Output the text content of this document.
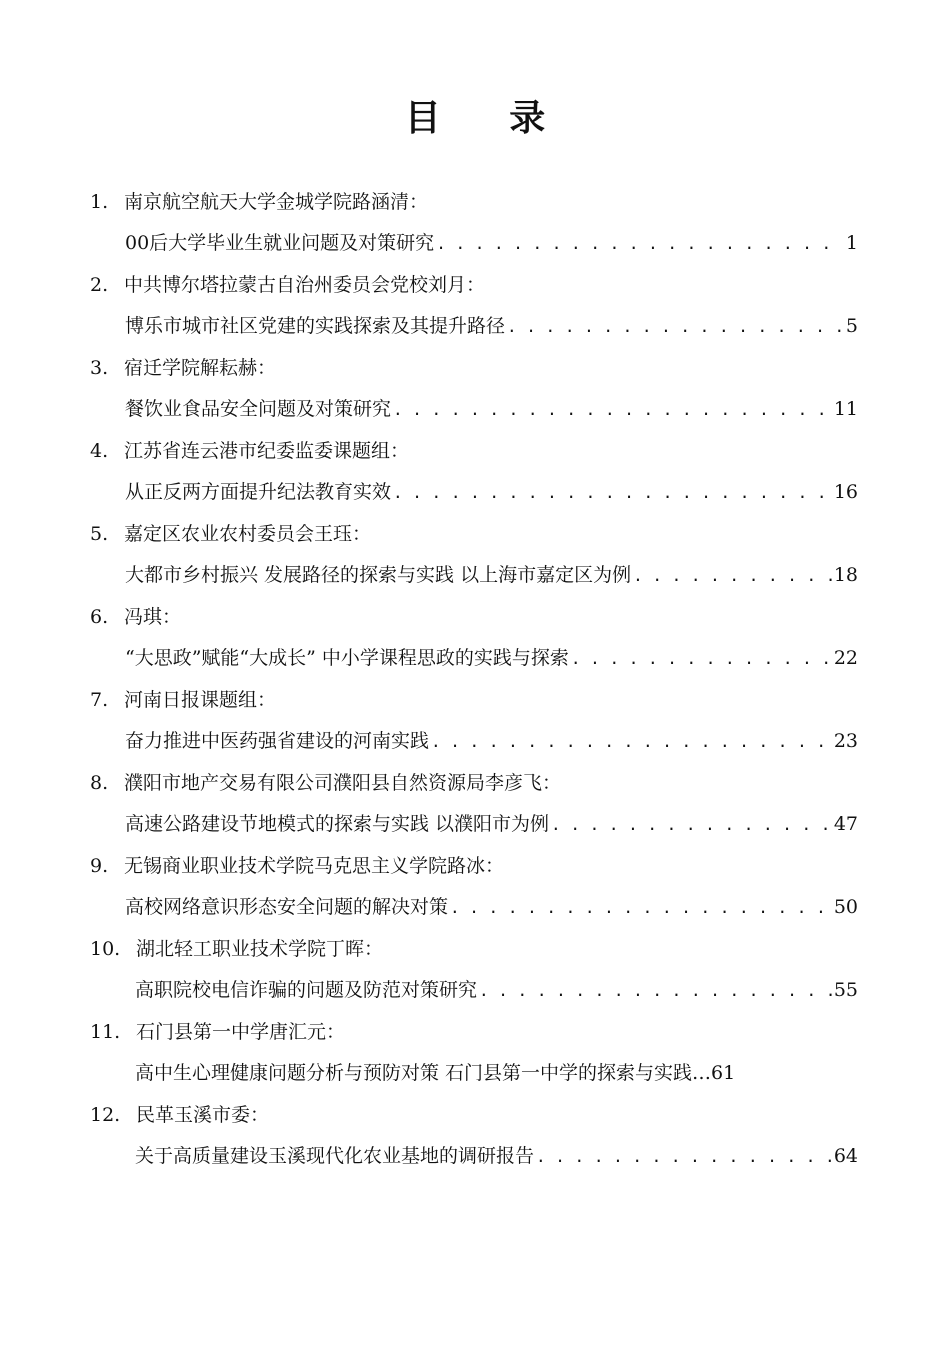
目 录
1. 南京航空航天大学金城学院路涵清：
00后大学毕业生就业问题及对策研究 . . .	1
2. 中共博尔塔拉蒙古自治州委员会党校刘月：
博乐市城市社区党建的实践探索及其提升路径 . . .	5
3. 宿迁学院解耘赫：
餐饮业食品安全问题及对策研究 . . .	11
4. 江苏省连云港市纪委监委课题组：
从正反两方面提升纪法教育实效 . . .	16
5. 嘉定区农业农村委员会王珏：
大都市乡村振兴 发展路径的探索与实践 以上海市嘉定区为例 . . .	18
6. 冯琪：
“大思政”赋能“大成长” 中小学课程思政的实践与探索 . . .	22
7. 河南日报课题组：
奋力推进中医药强省建设的河南实践 . . .	23
8. 濮阳市地产交易有限公司濮阳县自然资源局李彦飞：
高速公路建设节地模式的探索与实践 以濮阳市为例 . . .	47
9. 无锡商业职业技术学院马克思主义学院路冰：
高校网络意识形态安全问题的解决对策 . . .	50
10. 湖北轻工职业技术学院丁晖：
高职院校电信诈骗的问题及防范对策研究 . . .	55
11. 石门县第一中学唐汇元：
高中生心理健康问题分析与预防对策 石门县第一中学的探索与实践…61
12. 民革玉溪市委：
关于高质量建设玉溪现代化农业基地的调研报告 . . .	64
